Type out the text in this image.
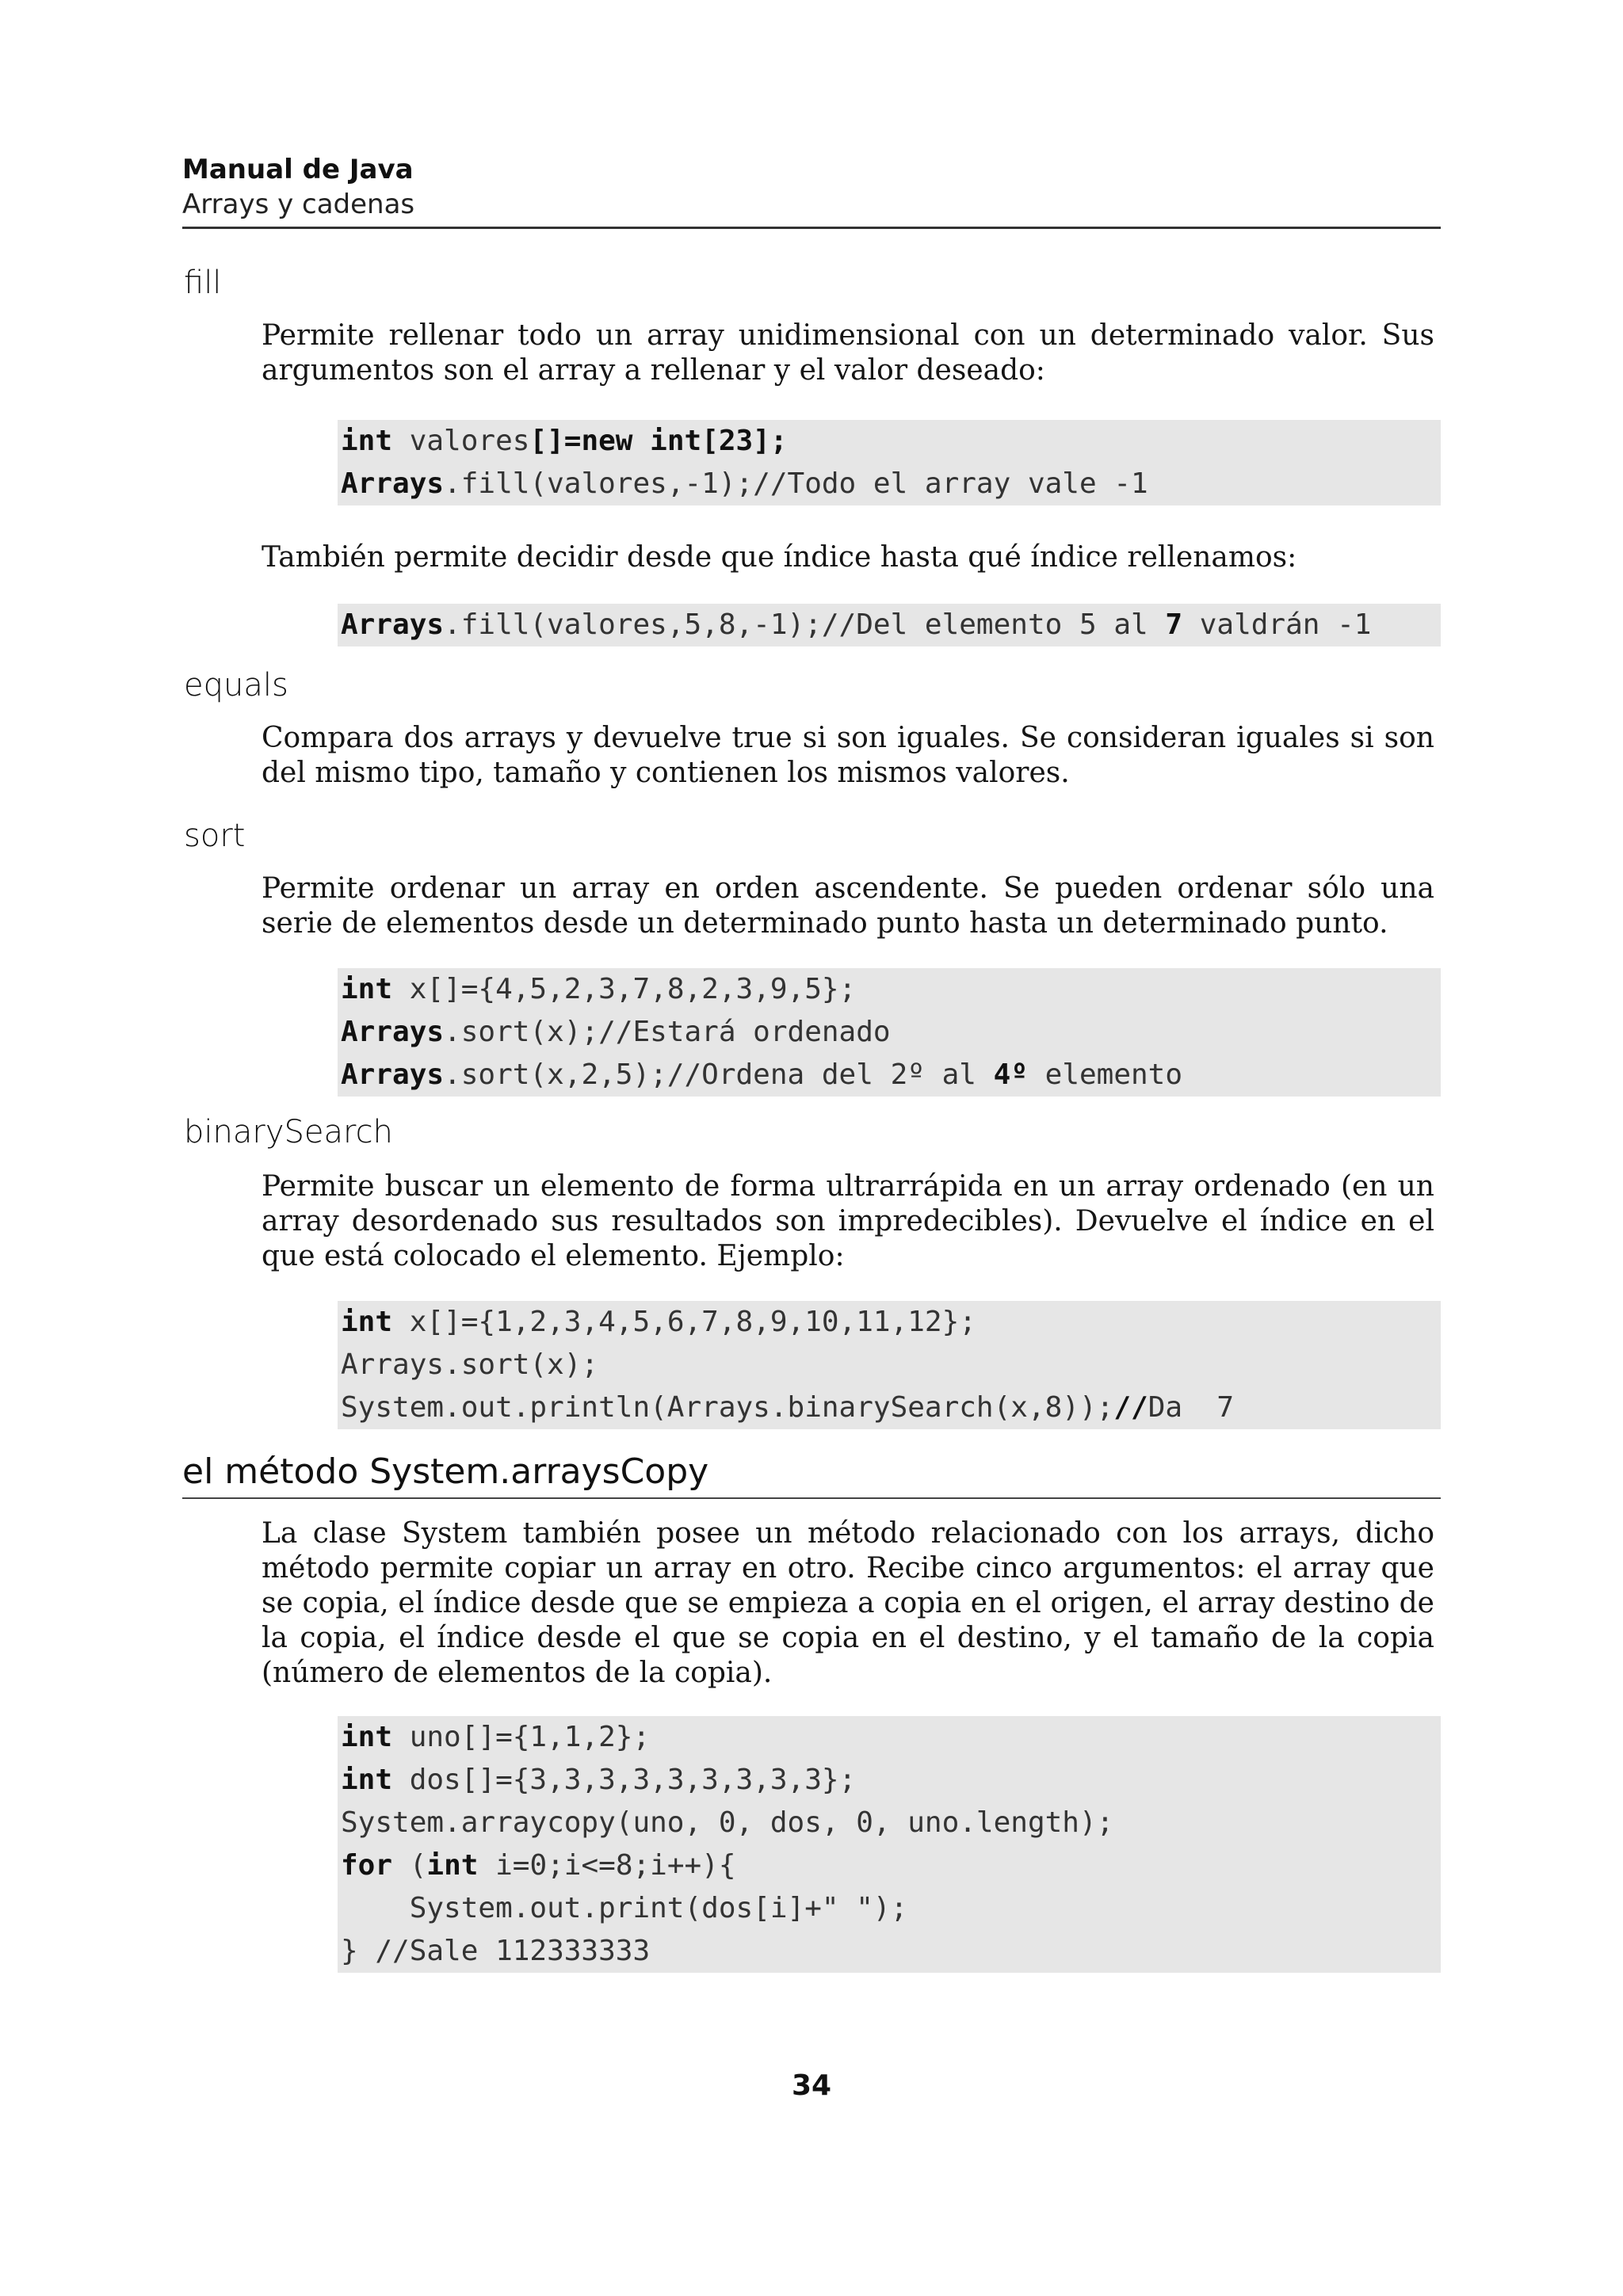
Manual de Java
Arrays y cadenas
fill
Permite rellenar todo un array unidimensional con un determinado valor. Sus argumentos son el array a rellenar y el valor deseado:
int valores[]=new int[23];
Arrays.fill(valores,-1);//Todo el array vale -1
También permite decidir desde que índice hasta qué índice rellenamos:
Arrays.fill(valores,5,8,-1);//Del elemento 5 al 7 valdrán -1
equals
Compara dos arrays y devuelve true si son iguales. Se consideran iguales si son del mismo tipo, tamaño y contienen los mismos valores.
sort
Permite ordenar un array en orden ascendente. Se pueden ordenar sólo una serie de elementos desde un determinado punto hasta un determinado punto.
int x[]={4,5,2,3,7,8,2,3,9,5};
Arrays.sort(x);//Estará ordenado
Arrays.sort(x,2,5);//Ordena del 2º al 4º elemento
binarySearch
Permite buscar un elemento de forma ultrarrápida en un array ordenado (en un array desordenado sus resultados son impredecibles). Devuelve el índice en el que está colocado el elemento. Ejemplo:
int x[]={1,2,3,4,5,6,7,8,9,10,11,12};
Arrays.sort(x);
System.out.println(Arrays.binarySearch(x,8));//Da  7
el método System.arraysCopy
La clase System también posee un método relacionado con los arrays, dicho método permite copiar un array en otro. Recibe cinco argumentos: el array que se copia, el índice desde que se empieza a copia en el origen, el array destino de la copia, el índice desde el que se copia en el destino, y el tamaño de la copia (número de elementos de la copia).
int uno[]={1,1,2};
int dos[]={3,3,3,3,3,3,3,3,3};
System.arraycopy(uno, 0, dos, 0, uno.length);
for (int i=0;i<=8;i++){
System.out.print(dos[i]+" ");
} //Sale 112333333
34
